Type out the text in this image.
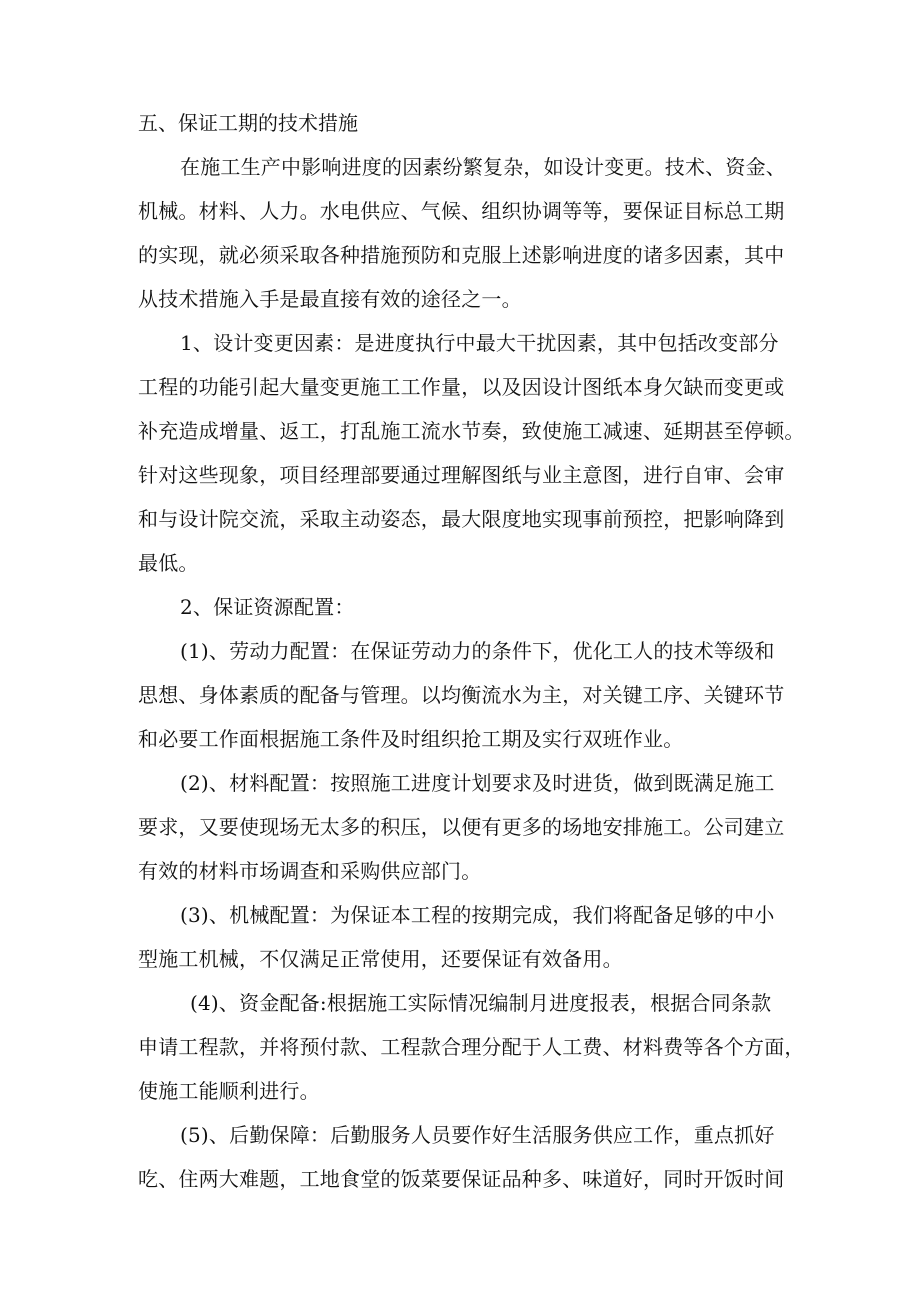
五、保证工期的技术措施
在施工生产中影响进度的因素纷繁复杂，如设计变更。技术、资金、
机械。材料、人力。水电供应、气候、组织协调等等，要保证目标总工期
的实现，就必须采取各种措施预防和克服上述影响进度的诸多因素，其中
从技术措施入手是最直接有效的途径之一。
1、设计变更因素：是进度执行中最大干扰因素，其中包括改变部分
工程的功能引起大量变更施工工作量，以及因设计图纸本身欠缺而变更或
补充造成增量、返工，打乱施工流水节奏，致使施工减速、延期甚至停顿。
针对这些现象，项目经理部要通过理解图纸与业主意图，进行自审、会审
和与设计院交流，采取主动姿态，最大限度地实现事前预控，把影响降到
最低。
2、保证资源配置：
(1)、劳动力配置：在保证劳动力的条件下，优化工人的技术等级和
思想、身体素质的配备与管理。以均衡流水为主，对关键工序、关键环节
和必要工作面根据施工条件及时组织抢工期及实行双班作业。
(2)、材料配置：按照施工进度计划要求及时进货，做到既满足施工
要求，又要使现场无太多的积压，以便有更多的场地安排施工。公司建立
有效的材料市场调查和采购供应部门。
(3)、机械配置：为保证本工程的按期完成，我们将配备足够的中小
型施工机械，不仅满足正常使用，还要保证有效备用。
(4)、资金配备:根据施工实际情况编制月进度报表，根据合同条款
申请工程款，并将预付款、工程款合理分配于人工费、材料费等各个方面，
使施工能顺利进行。
(5)、后勤保障：后勤服务人员要作好生活服务供应工作，重点抓好
吃、住两大难题，工地食堂的饭菜要保证品种多、味道好，同时开饭时间
